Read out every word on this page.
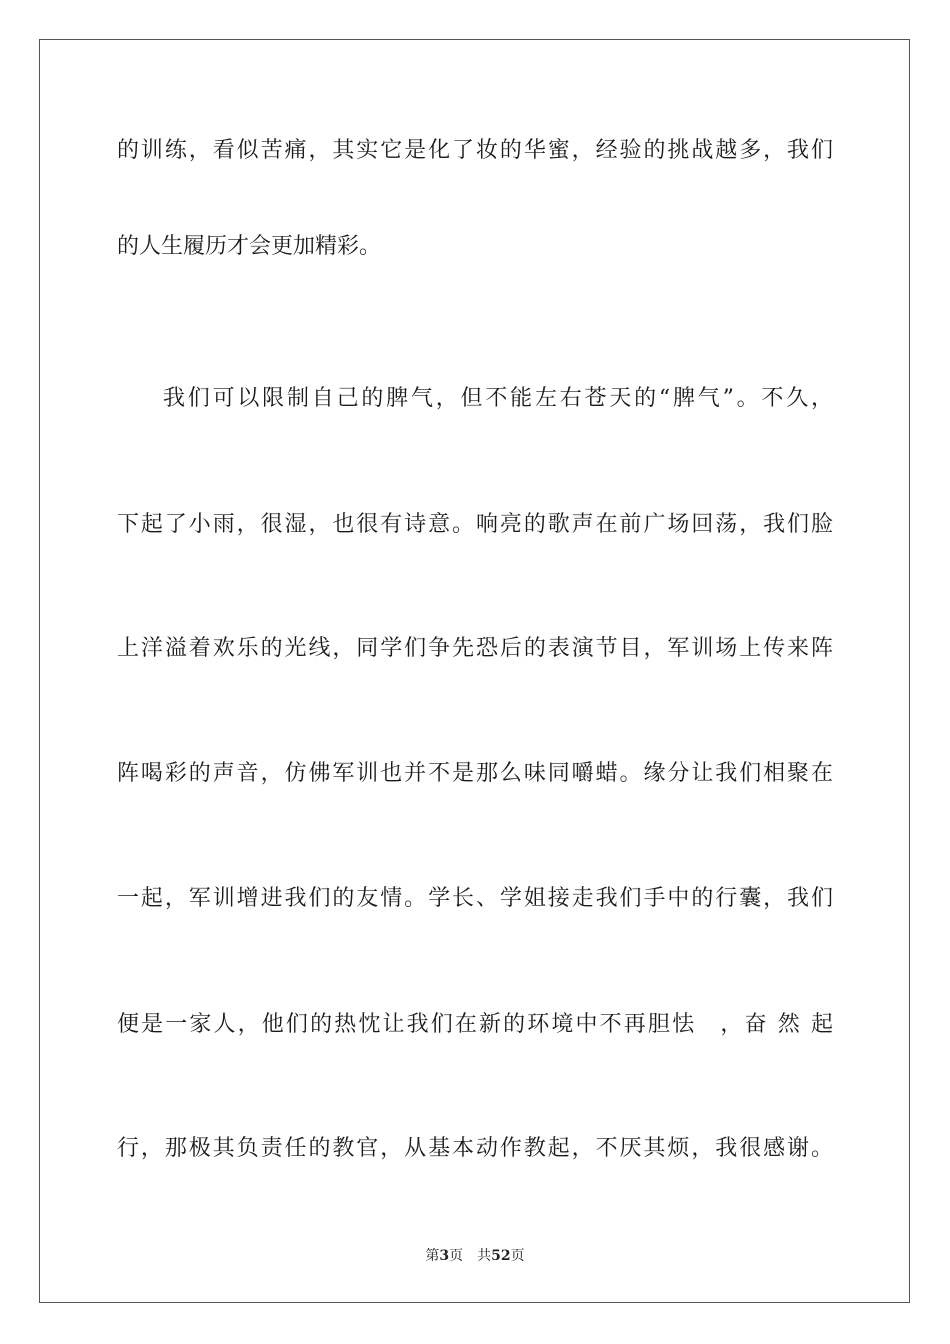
的训练，看似苦痛，其实它是化了妆的华蜜，经验的挑战越多，我们
的人生履历才会更加精彩。
我们可以限制自己的脾气，但不能左右苍天的“脾气”。不久，
下起了小雨，很湿，也很有诗意。响亮的歌声在前广场回荡，我们脸
上洋溢着欢乐的光线，同学们争先恐后的表演节目，军训场上传来阵
阵喝彩的声音，仿佛军训也并不是那么味同嚼蜡。缘分让我们相聚在
一起，军训增进我们的友情。学长、学姐接走我们手中的行囊，我们
便是一家人，他们的热忱让我们在新的环境中不再胆怯　，奋 然 起
行，那极其负责任的教官，从基本动作教起，不厌其烦，我很感谢。
第3页 共52页
